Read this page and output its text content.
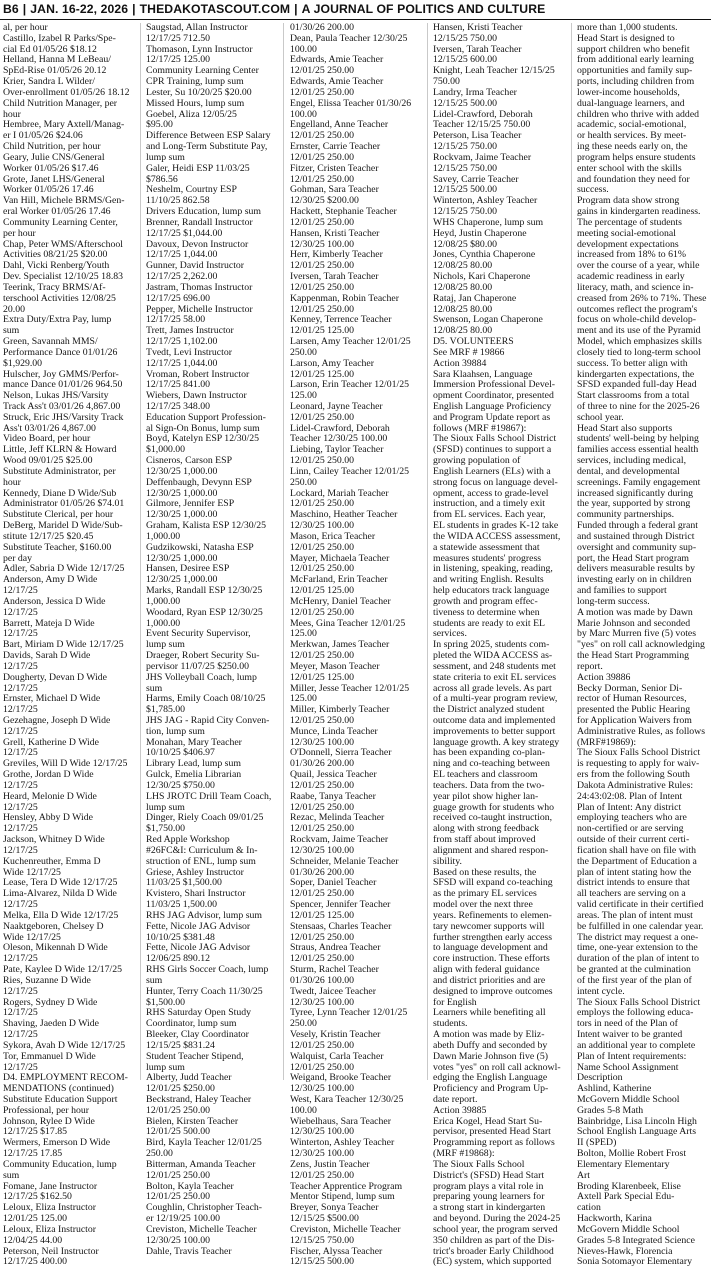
B6 | JAN. 16-22, 2026 | THEDAKOTASCOUT.COM | A JOURNAL OF POLITICS AND CULTURE

al, per hour

Castillo, Izabel R Parks/Spe-

cial Ed 01/05/26 $18.12

Helland, Hanna M LeBeau/

SpEd-Rise 01/05/26 20.12

Krier, Sandra L Wilder/

Over-enrollment 01/05/26 18.12

Child Nutrition Manager, per

hour

Hembree, Mary Axtell/Manag-

er I 01/05/26 $24.06

Child Nutrition, per hour

Geary, Julie CNS/General

Worker 01/05/26 $17.46

Grote, Janet LHS/General

Worker 01/05/26 17.46

Van Hill, Michele BRMS/Gen-

eral Worker 01/05/26 17.46

Community Learning Center,

per hour

Chap, Peter WMS/Afterschool

Activities 08/21/25 $20.00

Dahl, Vicki Renberg/Youth

Dev. Specialist 12/10/25 18.83

Teerink, Tracy BRMS/Af-

terschool Activities 12/08/25

20.00

Extra Duty/Extra Pay, lump

sum

Green, Savannah MMS/

Performance Dance 01/01/26

$1,929.00

Hulscher, Joy GMMS/Perfor-

mance Dance 01/01/26 964.50

Nelson, Lukas JHS/Varsity

Track Ass't 03/01/26 4,867.00

Struck, Eric JHS/Varsity Track

Ass't 03/01/26 4,867.00

Video Board, per hour

Little, Jeff KLRN & Howard

Wood 09/01/25 $25.00

Substitute Administrator, per

hour

Kennedy, Diane D Wide/Sub

Administrator 01/05/26 $74.01

Substitute Clerical, per hour

DeBerg, Maridel D Wide/Sub-

stitute 12/17/25 $20.45

Substitute Teacher, $160.00

per day

Adler, Sabria D Wide 12/17/25

Anderson, Amy D Wide

12/17/25

Anderson, Jessica D Wide

12/17/25

Barrett, Mateja D Wide

12/17/25

Bart, Miriam D Wide 12/17/25

Davids, Sarah D Wide

12/17/25

Dougherty, Devan D Wide

12/17/25

Ernster, Michael D Wide

12/17/25

Gezehagne, Joseph D Wide

12/17/25

Grell, Katherine D Wide

12/17/25

Greviles, Will D Wide 12/17/25

Grothe, Jordan D Wide

12/17/25

Heard, Melonie D Wide

12/17/25

Hensley, Abby D Wide

12/17/25

Jackson, Whitney D Wide

12/17/25

Kuchenreuther, Emma D

Wide 12/17/25

Lease, Tera D Wide 12/17/25

Lima-Alvarez, Nilda D Wide

12/17/25

Melka, Ella D Wide 12/17/25

Naaktgeboren, Chelsey D

Wide 12/17/25

Oleson, Mikennah D Wide

12/17/25

Pate, Kaylee D Wide 12/17/25

Ries, Suzanne D Wide

12/17/25

Rogers, Sydney D Wide

12/17/25

Shaving, Jaeden D Wide

12/17/25

Sykora, Avah D Wide 12/17/25

Tor, Emmanuel D Wide

12/17/25

D4. EMPLOYMENT RECOM-

MENDATIONS (continued)

Substitute Education Support

Professional, per hour

Johnson, Rylee D Wide

12/17/25 $17.85

Wermers, Emerson D Wide

12/17/25 17.85

Community Education, lump

sum

Fomane, Jane Instructor

12/17/25 $162.50

Leloux, Eliza Instructor

12/01/25 125.00

Leloux, Eliza Instructor

12/04/25 44.00

Peterson, Neil Instructor

12/17/25 400.00

Saugstad, Allan Instructor

12/17/25 712.50

Thomason, Lynn Instructor

12/17/25 125.00

Community Learning Center

CPR Training, lump sum

Lester, Su 10/20/25 $20.00

Missed Hours, lump sum

Goebel, Aliza 12/05/25

$95.00

Difference Between ESP Salary

and Long-Term Substitute Pay,

lump sum

Galer, Heidi ESP 11/03/25

$786.56

Neshelm, Courtny ESP

11/10/25 862.58

Drivers Education, lump sum

Brenner, Randall Instructor

12/17/25 $1,044.00

Davoux, Devon Instructor

12/17/25 1,044.00

Gunner, David Instructor

12/17/25 2,262.00

Jastram, Thomas Instructor

12/17/25 696.00

Pepper, Michelle Instructor

12/17/25 58.00

Trett, James Instructor

12/17/25 1,102.00

Tvedt, Levi Instructor

12/17/25 1,044.00

Vroman, Robert Instructor

12/17/25 841.00

Wiebers, Dawn Instructor

12/17/25 348.00

Education Support Profession-

al Sign-On Bonus, lump sum

Boyd, Katelyn ESP 12/30/25

$1,000.00

Cisneros, Carson ESP

12/30/25 1,000.00

Deffenbaugh, Devynn ESP

12/30/25 1,000.00

Gilmore, Jennifer ESP

12/30/25 1,000.00

Graham, Kalista ESP 12/30/25

1,000.00

Gudzikowski, Natasha ESP

12/30/25 1,000.00

Hansen, Desiree ESP

12/30/25 1,000.00

Marks, Randall ESP 12/30/25

1,000.00

Woodard, Ryan ESP 12/30/25

1,000.00

Event Security Supervisor,

lump sum

Draeger, Robert Security Su-

pervisor 11/07/25 $250.00

JHS Volleyball Coach, lump

sum

Harms, Emily Coach 08/10/25

$1,785.00

JHS JAG - Rapid City Conven-

tion, lump sum

Monahan, Mary Teacher

10/10/25 $406.97

Library Lead, lump sum

Gulck, Emelia Librarian

12/30/25 $750.00

LHS JROTC Drill Team Coach,

lump sum

Dinger, Riely Coach 09/01/25

$1,750.00

Red Apple Workshop

#26FC&I: Curriculum & In-

struction of ENL, lump sum

Griese, Ashley Instructor

11/03/25 $1,500.00

Kvistero, Shari Instructor

11/03/25 1,500.00

RHS JAG Advisor, lump sum

Fette, Nicole JAG Advisor

10/10/25 $381.48

Fette, Nicole JAG Advisor

12/06/25 890.12

RHS Girls Soccer Coach, lump

sum

Hunter, Terry Coach 11/30/25

$1,500.00

RHS Saturday Open Study

Coordinator, lump sum

Bleeker, Clay Coordinator

12/15/25 $831.24

Student Teacher Stipend,

lump sum

Alberty, Judd Teacher

12/01/25 $250.00

Beckstrand, Haley Teacher

12/01/25 250.00

Bielen, Kirsten Teacher

12/01/25 500.00

Bird, Kayla Teacher 12/01/25

250.00

Bitterman, Amanda Teacher

12/01/25 250.00

Bolton, Kayla Teacher

12/01/25 250.00

Coughlin, Christopher Teach-

er 12/19/25 100.00

Creviston, Michelle Teacher

12/30/25 100.00

Dahle, Travis Teacher

01/30/26 200.00

Dean, Paula Teacher 12/30/25

100.00

Edwards, Amie Teacher

12/01/25 250.00

Edwards, Amie Teacher

12/01/25 250.00

Engel, Elissa Teacher 01/30/26

100.00

Engelland, Anne Teacher

12/01/25 250.00

Ernster, Carrie Teacher

12/01/25 250.00

Fitzer, Cristen Teacher

12/01/25 250.00

Gohman, Sara Teacher

12/30/25 $200.00

Hackett, Stephanie Teacher

12/01/25 250.00

Hansen, Kristi Teacher

12/30/25 100.00

Herr, Kimberly Teacher

12/01/25 250.00

Iversen, Tarah Teacher

12/01/25 250.00

Kappenman, Robin Teacher

12/01/25 250.00

Kenney, Terrence Teacher

12/01/25 125.00

Larsen, Amy Teacher 12/01/25

250.00

Larson, Amy Teacher

12/01/25 125.00

Larson, Erin Teacher 12/01/25

125.00

Leonard, Jayne Teacher

12/01/25 250.00

Lidel-Crawford, Deborah

Teacher 12/30/25 100.00

Liebing, Taylor Teacher

12/01/25 250.00

Linn, Cailey Teacher 12/01/25

250.00

Lockard, Mariah Teacher

12/01/25 250.00

Maschino, Heather Teacher

12/30/25 100.00

Mason, Erica Teacher

12/01/25 250.00

Mayer, Michaela Teacher

12/01/25 250.00

McFarland, Erin Teacher

12/01/25 125.00

McHenry, Daniel Teacher

12/01/25 250.00

Mees, Gina Teacher 12/01/25

125.00

Merkwan, James Teacher

12/01/25 250.00

Meyer, Mason Teacher

12/01/25 125.00

Miller, Jesse Teacher 12/01/25

125.00

Miller, Kimberly Teacher

12/01/25 250.00

Munce, Linda Teacher

12/30/25 100.00

O'Donnell, Sierra Teacher

01/30/26 200.00

Quail, Jessica Teacher

12/01/25 250.00

Raabe, Tanya Teacher

12/01/25 250.00

Rezac, Melinda Teacher

12/01/25 250.00

Rockvam, Jaime Teacher

12/30/25 100.00

Schneider, Melanie Teacher

01/30/26 200.00

Soper, Daniel Teacher

12/01/25 250.00

Spencer, Jennifer Teacher

12/01/25 125.00

Stensaas, Charles Teacher

12/01/25 250.00

Straus, Andrea Teacher

12/01/25 250.00

Sturm, Rachel Teacher

01/30/26 100.00

Twedt, Jaicee Teacher

12/30/25 100.00

Tyree, Lynn Teacher 12/01/25

250.00

Vesely, Kristin Teacher

12/01/25 250.00

Walquist, Carla Teacher

12/01/25 250.00

Weigand, Brooke Teacher

12/30/25 100.00

West, Kara Teacher 12/30/25

100.00

Wiebelhaus, Sara Teacher

12/30/25 100.00

Winterton, Ashley Teacher

12/30/25 100.00

Zens, Justin Teacher

12/01/25 250.00

Teacher Apprentice Program

Mentor Stipend, lump sum

Breyer, Sonya Teacher

12/15/25 $500.00

Creviston, Michelle Teacher

12/15/25 750.00

Fischer, Alyssa Teacher

12/15/25 500.00

Hansen, Kristi Teacher

12/15/25 750.00

Iversen, Tarah Teacher

12/15/25 600.00

Knight, Leah Teacher 12/15/25

750.00

Landry, Irma Teacher

12/15/25 500.00

Lidel-Crawford, Deborah

Teacher 12/15/25 750.00

Peterson, Lisa Teacher

12/15/25 750.00

Rockvam, Jaime Teacher

12/15/25 750.00

Savey, Carrie Teacher

12/15/25 500.00

Winterton, Ashley Teacher

12/15/25 750.00

WHS Chaperone, lump sum

Heyd, Justin Chaperone

12/08/25 $80.00

Jones, Cynthia Chaperone

12/08/25 80.00

Nichols, Kari Chaperone

12/08/25 80.00

Rataj, Jan Chaperone

12/08/25 80.00

Swenson, Logan Chaperone

12/08/25 80.00

D5. VOLUNTEERS

See MRF # 19866

Action 39884

Sara Klaahsen, Language

Immersion Professional Devel-

opment Coordinator, presented

English Language Proficiency

and Program Update report as

follows (MRF #19867):

The Sioux Falls School District

(SFSD) continues to support a

growing population of

English Learners (ELs) with a

strong focus on language devel-

opment, access to grade-level

instruction, and a timely exit

from EL services. Each year,

EL students in grades K-12 take

the WIDA ACCESS assessment,

a statewide assessment that

measures students' progress

in listening, speaking, reading,

and writing English. Results

help educators track language

growth and program effec-

tiveness to determine when

students are ready to exit EL

services.

In spring 2025, students com-

pleted the WIDA ACCESS as-

sessment, and 248 students met

state criteria to exit EL services

across all grade levels. As part

of a multi-year program review,

the District analyzed student

outcome data and implemented

improvements to better support

language growth. A key strategy

has been expanding co-plan-

ning and co-teaching between

EL teachers and classroom

teachers. Data from the two-

year pilot show higher lan-

guage growth for students who

received co-taught instruction,

along with strong feedback

from staff about improved

alignment and shared respon-

sibility.

Based on these results, the

SFSD will expand co-teaching

as the primary EL services

model over the next three

years. Refinements to elemen-

tary newcomer supports will

further strengthen early access

to language development and

core instruction. These efforts

align with federal guidance

and district priorities and are

designed to improve outcomes

for English

Learners while benefiting all

students.

A motion was made by Eliz-

abeth Duffy and seconded by

Dawn Marie Johnson five (5)

votes "yes" on roll call acknowl-

edging the English Language

Proficiency and Program Up-

date report.

Action 39885

Erica Kogel, Head Start Su-

pervisor, presented Head Start

Programming report as follows

(MRF #19868):

The Sioux Falls School

District's (SFSD) Head Start

program plays a vital role in

preparing young learners for

a strong start in kindergarten

and beyond. During the 2024-25

school year, the program served

350 children as part of the Dis-

trict's broader Early Childhood

(EC) system, which supported

more than 1,000 students.

Head Start is designed to

support children who benefit

from additional early learning

opportunities and family sup-

ports, including children from

lower-income households,

dual-language learners, and

children who thrive with added

academic, social-emotional,

or health services. By meet-

ing these needs early on, the

program helps ensure students

enter school with the skills

and foundation they need for

success.

Program data show strong

gains in kindergarten readiness.

The percentage of students

meeting social-emotional

development expectations

increased from 18% to 61%

over the course of a year, while

academic readiness in early

literacy, math, and science in-

creased from 26% to 71%. These

outcomes reflect the program's

focus on whole-child develop-

ment and its use of the Pyramid

Model, which emphasizes skills

closely tied to long-term school

success. To better align with

kindergarten expectations, the

SFSD expanded full-day Head

Start classrooms from a total

of three to nine for the 2025-26

school year.

Head Start also supports

students' well-being by helping

families access essential health

services, including medical,

dental, and developmental

screenings. Family engagement

increased significantly during

the year, supported by strong

community partnerships.

Funded through a federal grant

and sustained through District

oversight and community sup-

port, the Head Start program

delivers measurable results by

investing early on in children

and families to support

long-term success.

A motion was made by Dawn

Marie Johnson and seconded

by Marc Murren five (5) votes

"yes" on roll call acknowledging

the Head Start Programming

report.

Action 39886

Becky Dorman, Senior Di-

rector of Human Resources,

presented the Public Hearing

for Application Waivers from

Administrative Rules, as follows

(MRF#19869):

The Sioux Falls School District

is requesting to apply for waiv-

ers from the following South

Dakota Administrative Rules:

24:43:02:08. Plan of Intent

Plan of Intent: Any district

employing teachers who are

non-certified or are serving

outside of their current certi-

fication shall have on file with

the Department of Education a

plan of intent stating how the

district intends to ensure that

all teachers are serving on a

valid certificate in their certified

areas. The plan of intent must

be fulfilled in one calendar year.

The district may request a one-

time, one-year extension to the

duration of the plan of intent to

be granted at the culmination

of the first year of the plan of

intent cycle.

The Sioux Falls School District

employs the following educa-

tors in need of the Plan of

Intent waiver to be granted

an additional year to complete

Plan of Intent requirements:

Name School Assignment

Description

Ashlind, Katherine

McGovern Middle School

Grades 5-8 Math

Bainbridge, Lisa Lincoln High

School English Language Arts

II (SPED)

Bolton, Mollie Robert Frost

Elementary Elementary

Art

Broding Klarenbeek, Elise

Axtell Park Special Edu-

cation

Hackworth, Karina

McGovern Middle School

Grades 5-8 Integrated Science

Nieves-Hawk, Florencia

Sonia Sotomayor Elementary
